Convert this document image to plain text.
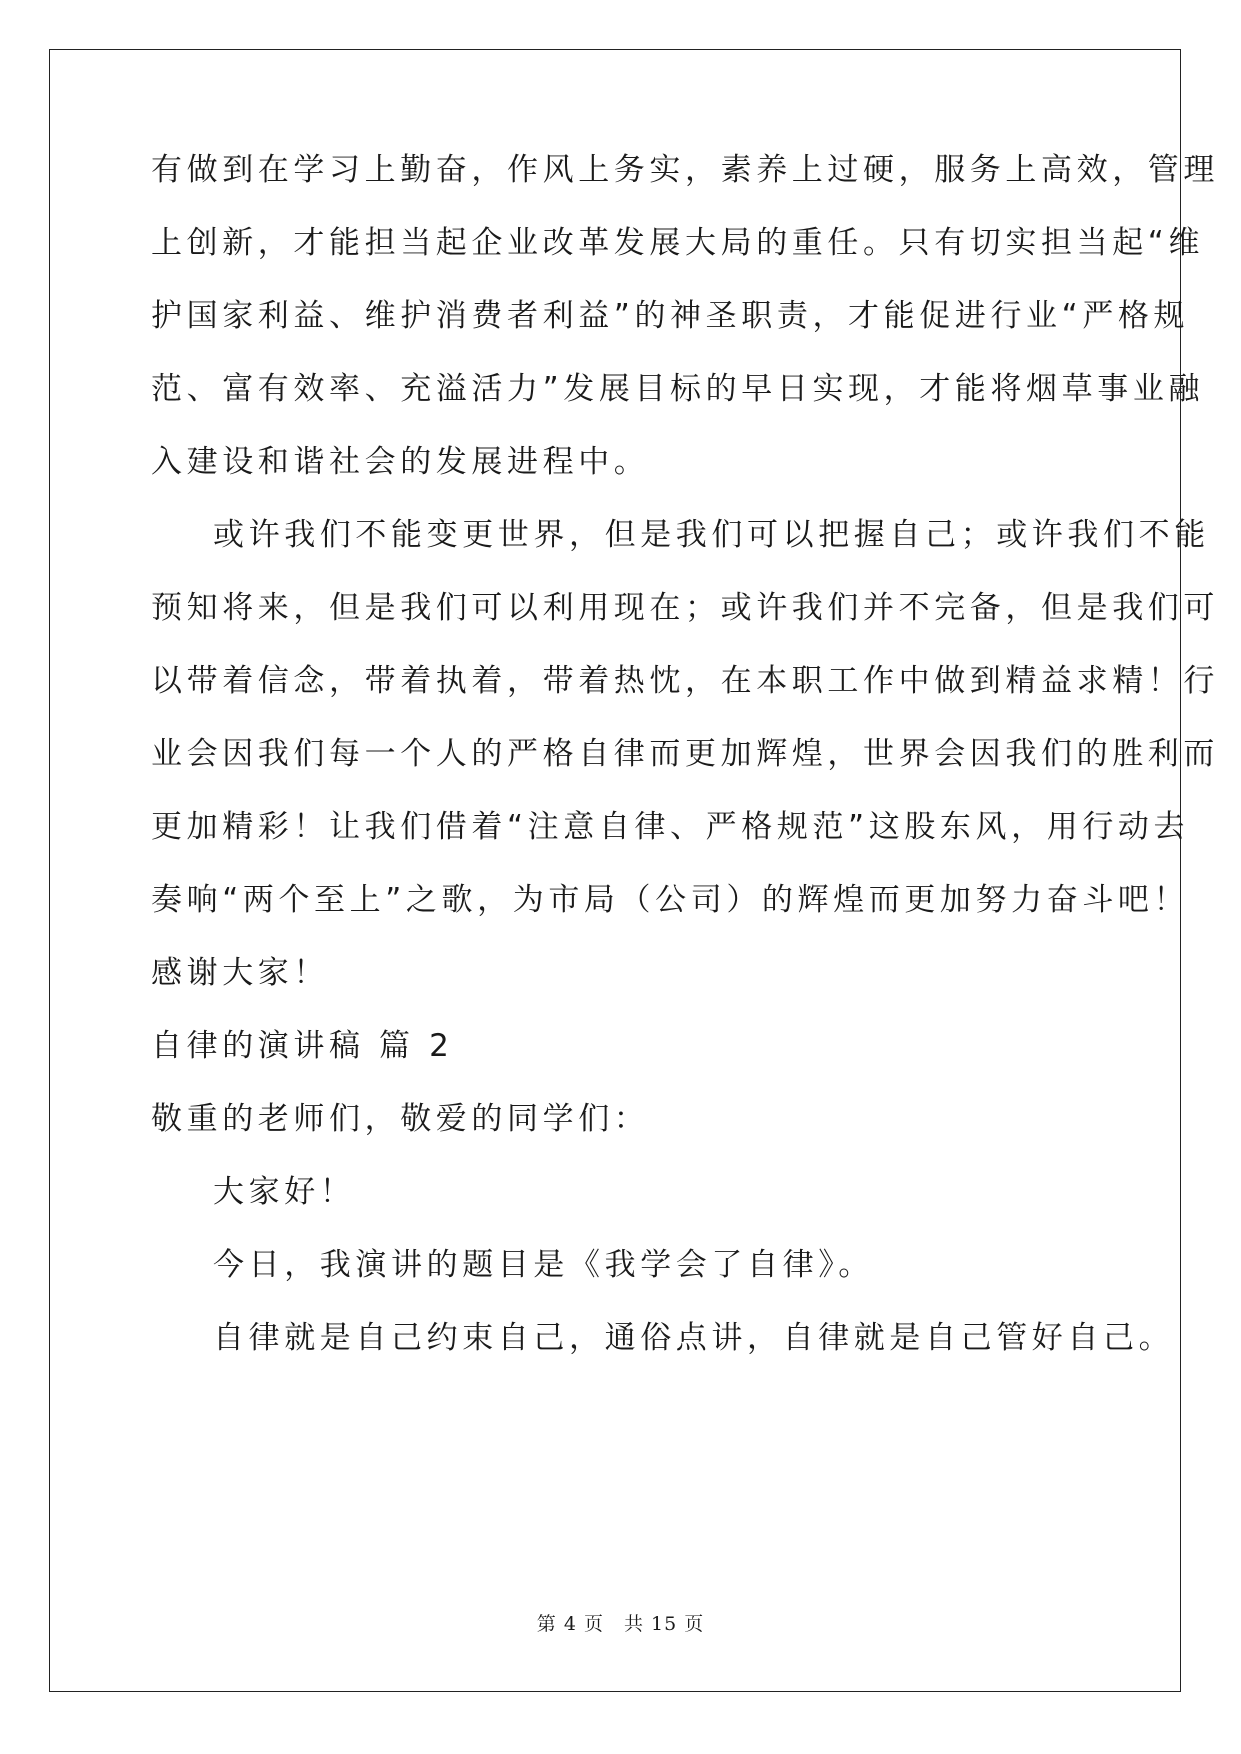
有做到在学习上勤奋，作风上务实，素养上过硬，服务上高效，管理
上创新，才能担当起企业改革发展大局的重任。只有切实担当起“维
护国家利益、维护消费者利益”的神圣职责，才能促进行业“严格规
范、富有效率、充溢活力”发展目标的早日实现，才能将烟草事业融
入建设和谐社会的发展进程中。
或许我们不能变更世界，但是我们可以把握自己；或许我们不能
预知将来，但是我们可以利用现在；或许我们并不完备，但是我们可
以带着信念，带着执着，带着热忱，在本职工作中做到精益求精！行
业会因我们每一个人的严格自律而更加辉煌，世界会因我们的胜利而
更加精彩！让我们借着“注意自律、严格规范”这股东风，用行动去
奏响“两个至上”之歌，为市局（公司）的辉煌而更加努力奋斗吧！
感谢大家！
自律的演讲稿 篇 2
敬重的老师们，敬爱的同学们：
大家好！
今日，我演讲的题目是《我学会了自律》。
自律就是自己约束自己，通俗点讲，自律就是自己管好自己。
第 4 页　共 15 页
